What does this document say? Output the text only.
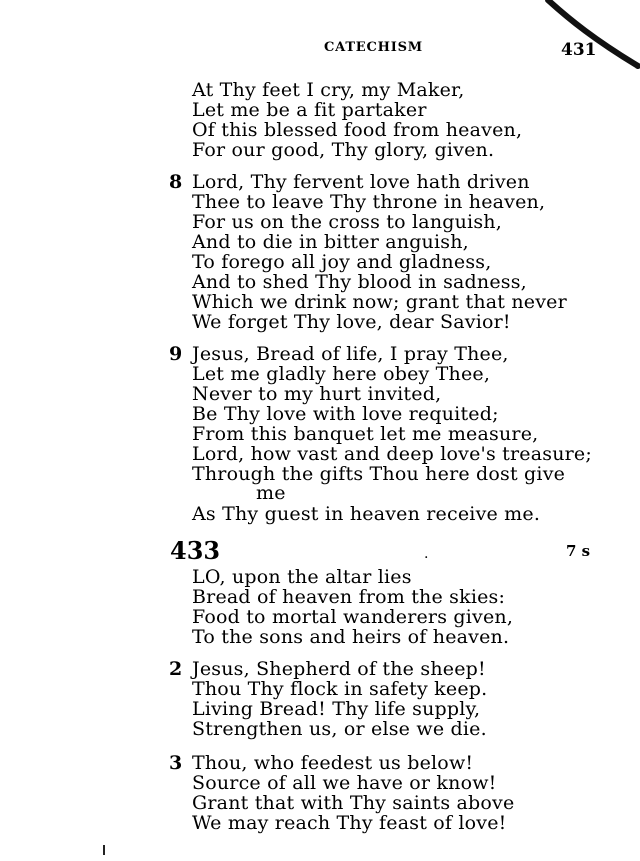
CATECHISM	431
At Thy feet I cry, my Maker,
Let me be a fit partaker
Of this blessed food from heaven,
For our good, Thy glory, given.
8 Lord, Thy fervent love hath driven
Thee to leave Thy throne in heaven,
For us on the cross to languish,
And to die in bitter anguish,
To forego all joy and gladness,
And to shed Thy blood in sadness,
Which we drink now; grant that never
We forget Thy love, dear Savior!
9 Jesus, Bread of life, I pray Thee,
Let me gladly here obey Thee,
Never to my hurt invited,
Be Thy love with love requited;
From this banquet let me measure,
Lord, how vast and deep love's treasure;
Through the gifts Thou here dost give
me
As Thy guest in heaven receive me.
433	.	7 s
LO, upon the altar lies
Bread of heaven from the skies:
Food to mortal wanderers given,
To the sons and heirs of heaven.
2 Jesus, Shepherd of the sheep!
Thou Thy flock in safety keep.
Living Bread! Thy life supply,
Strengthen us, or else we die.
3 Thou, who feedest us below!
Source of all we have or know!
Grant that with Thy saints above
We may reach Thy feast of love!
